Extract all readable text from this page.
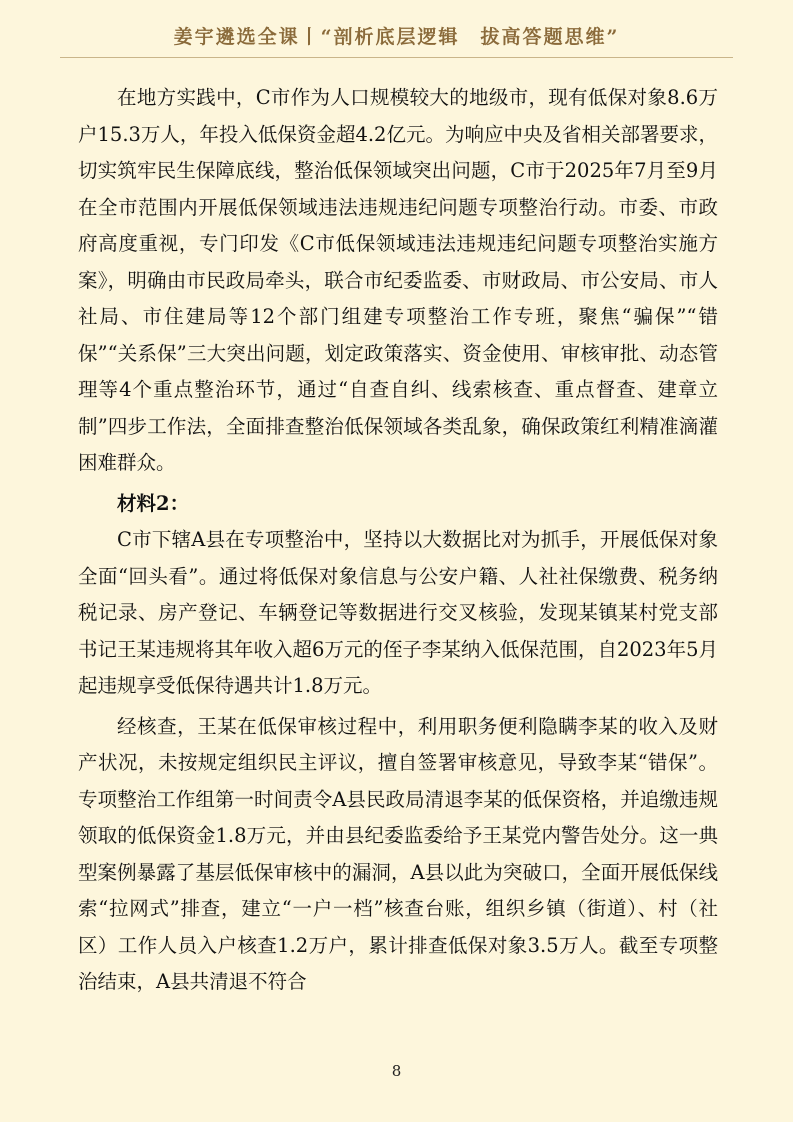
姜宇遴选全课丨“剖析底层逻辑　拔高答题思维”

在地方实践中，C市作为人口规模较大的地级市，现有低保对象8.6万户15.3万人，年投入低保资金超4.2亿元。为响应中央及省相关部署要求，切实筑牢民生保障底线，整治低保领域突出问题，C市于2025年7月至9月在全市范围内开展低保领域违法违规违纪问题专项整治行动。市委、市政府高度重视，专门印发《C市低保领域违法违规违纪问题专项整治实施方案》，明确由市民政局牵头，联合市纪委监委、市财政局、市公安局、市人社局、市住建局等12个部门组建专项整治工作专班，聚焦“骗保”“错保”“关系保”三大突出问题，划定政策落实、资金使用、审核审批、动态管理等4个重点整治环节，通过“自查自纠、线索核查、重点督查、建章立制”四步工作法，全面排查整治低保领域各类乱象，确保政策红利精准滴灌困难群众。

材料2：

C市下辖A县在专项整治中，坚持以大数据比对为抓手，开展低保对象全面“回头看”。通过将低保对象信息与公安户籍、人社社保缴费、税务纳税记录、房产登记、车辆登记等数据进行交叉核验，发现某镇某村党支部书记王某违规将其年收入超6万元的侄子李某纳入低保范围，自2023年5月起违规享受低保待遇共计1.8万元。

经核查，王某在低保审核过程中，利用职务便利隐瞒李某的收入及财产状况，未按规定组织民主评议，擅自签署审核意见，导致李某“错保”。专项整治工作组第一时间责令A县民政局清退李某的低保资格，并追缴违规领取的低保资金1.8万元，并由县纪委监委给予王某党内警告处分。这一典型案例暴露了基层低保审核中的漏洞，A县以此为突破口，全面开展低保线索“拉网式”排查，建立“一户一档”核查台账，组织乡镇（街道）、村（社区）工作人员入户核查1.2万户，累计排查低保对象3.5万人。截至专项整治结束，A县共清退不符合

8
